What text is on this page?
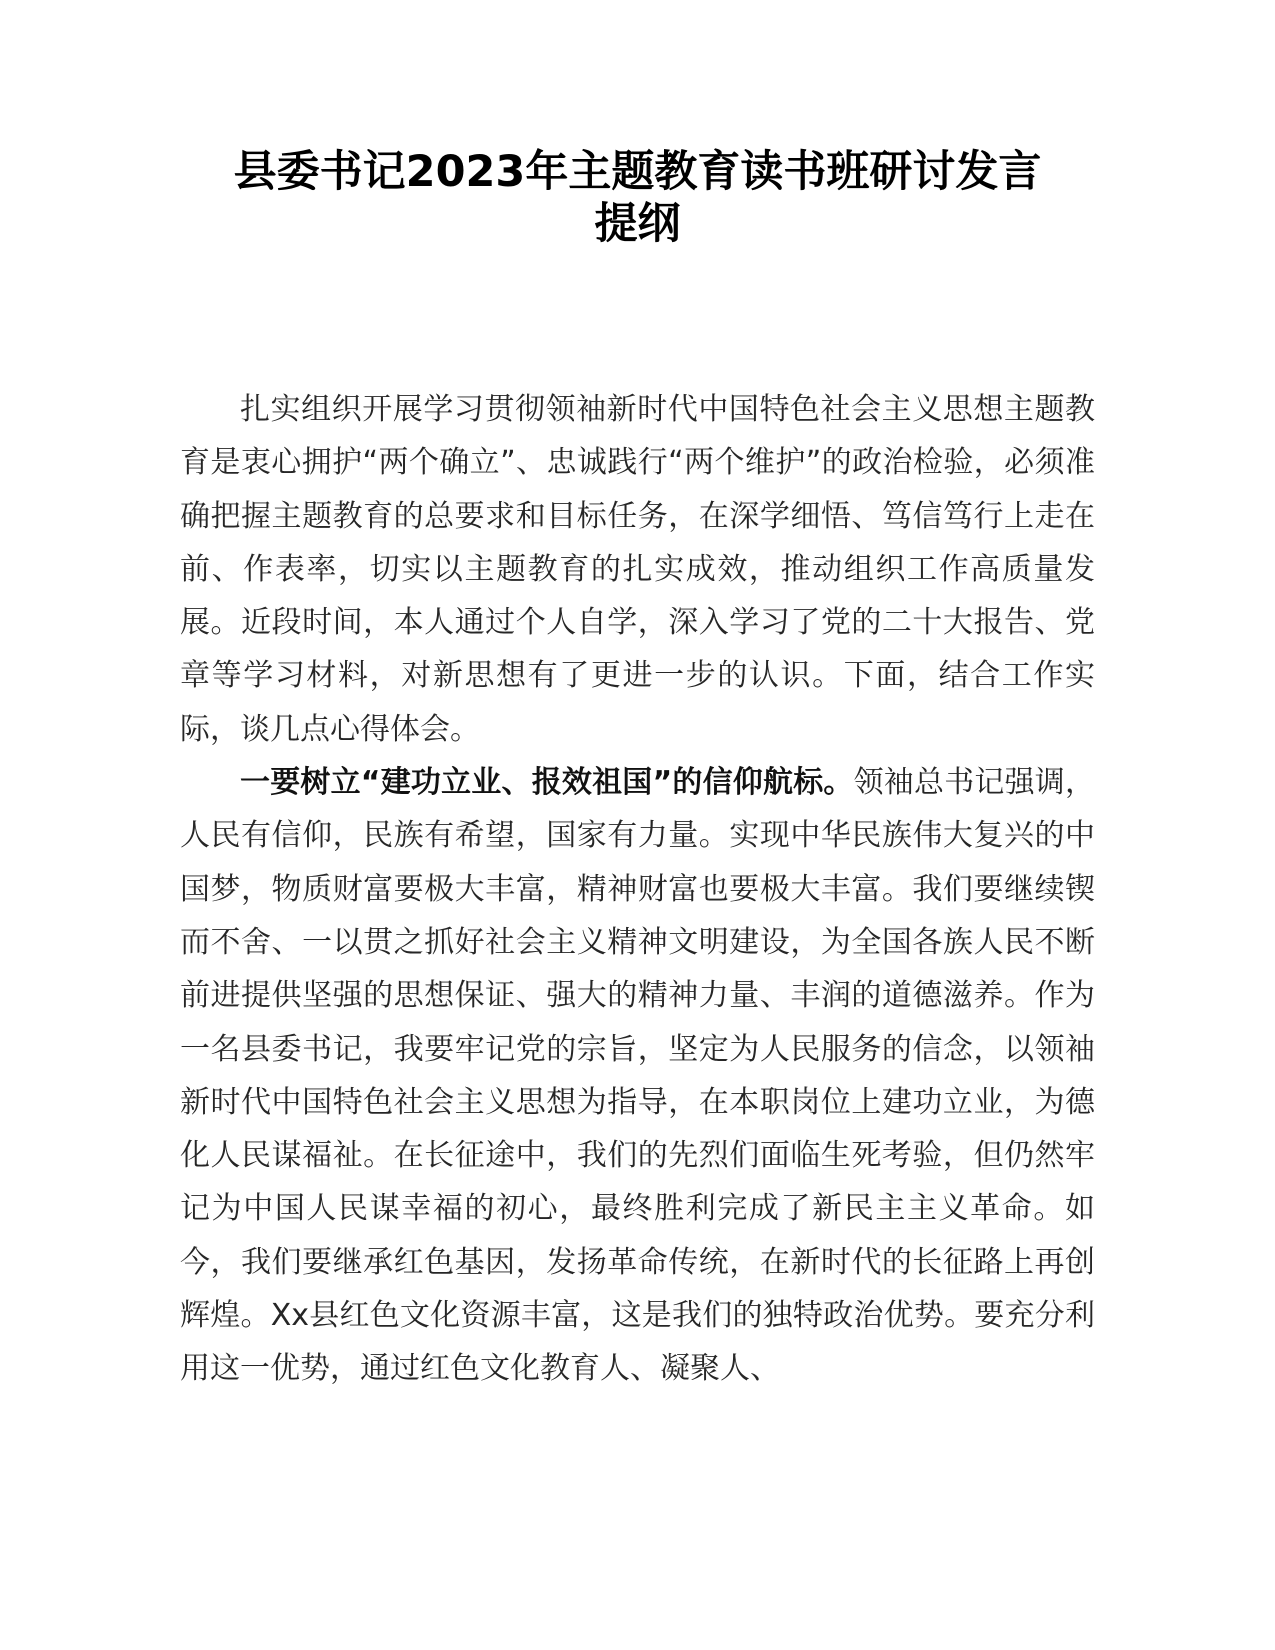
县委书记2023年主题教育读书班研讨发言
提纲

扎实组织开展学习贯彻领袖新时代中国特色社会主义思想主题教育是衷心拥护“两个确立”、忠诚践行“两个维护”的政治检验，必须准确把握主题教育的总要求和目标任务，在深学细悟、笃信笃行上走在前、作表率，切实以主题教育的扎实成效，推动组织工作高质量发展。近段时间，本人通过个人自学，深入学习了党的二十大报告、党章等学习材料，对新思想有了更进一步的认识。下面，结合工作实际，谈几点心得体会。

一要树立“建功立业、报效祖国”的信仰航标。领袖总书记强调，人民有信仰，民族有希望，国家有力量。实现中华民族伟大复兴的中国梦，物质财富要极大丰富，精神财富也要极大丰富。我们要继续锲而不舍、一以贯之抓好社会主义精神文明建设，为全国各族人民不断前进提供坚强的思想保证、强大的精神力量、丰润的道德滋养。作为一名县委书记，我要牢记党的宗旨，坚定为人民服务的信念，以领袖新时代中国特色社会主义思想为指导，在本职岗位上建功立业，为德化人民谋福祉。在长征途中，我们的先烈们面临生死考验，但仍然牢记为中国人民谋幸福的初心，最终胜利完成了新民主主义革命。如今，我们要继承红色基因，发扬革命传统，在新时代的长征路上再创辉煌。Xx县红色文化资源丰富，这是我们的独特政治优势。要充分利用这一优势，通过红色文化教育人、凝聚人、
